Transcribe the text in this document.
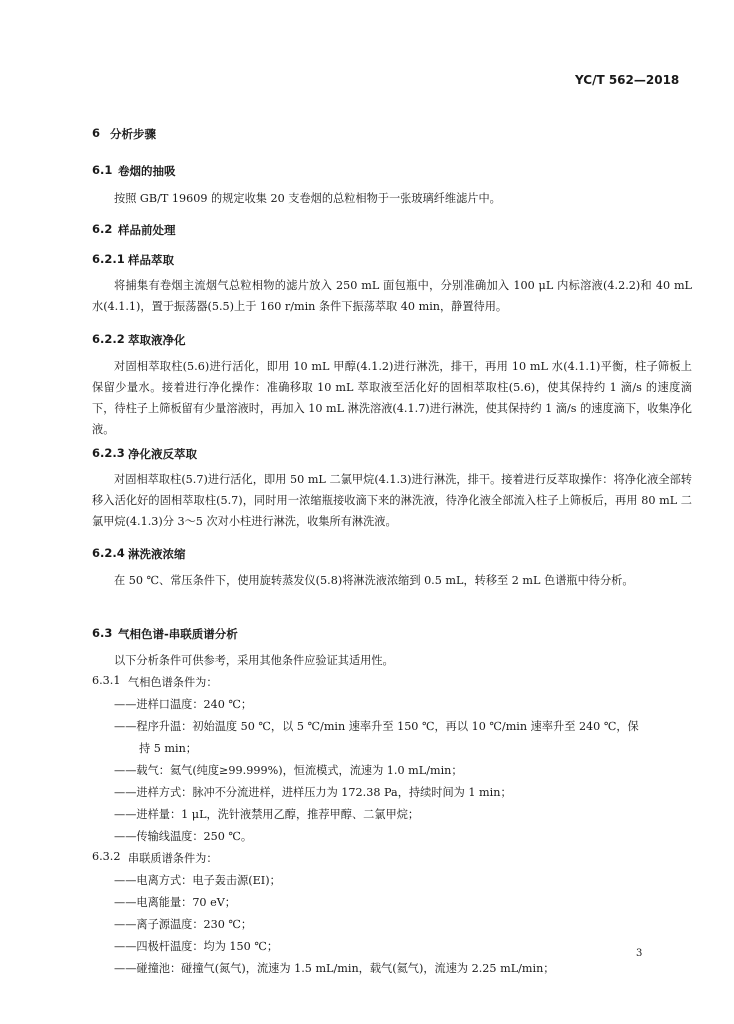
YC/T 562—2018
6 分析步骤
6.1 卷烟的抽吸
按照 GB/T 19609 的规定收集 20 支卷烟的总粒相物于一张玻璃纤维滤片中。
6.2 样品前处理
6.2.1 样品萃取
将捕集有卷烟主流烟气总粒相物的滤片放入 250 mL 面包瓶中，分别准确加入 100 μL 内标溶液(4.2.2)和 40 mL 水(4.1.1)，置于振荡器(5.5)上于 160 r/min 条件下振荡萃取 40 min，静置待用。
6.2.2 萃取液净化
对固相萃取柱(5.6)进行活化，即用 10 mL 甲醇(4.1.2)进行淋洗，排干，再用 10 mL 水(4.1.1)平衡，柱子筛板上保留少量水。接着进行净化操作：准确移取 10 mL 萃取液至活化好的固相萃取柱(5.6)，使其保持约 1 滴/s 的速度滴下，待柱子上筛板留有少量溶液时，再加入 10 mL 淋洗溶液(4.1.7)进行淋洗，使其保持约 1 滴/s 的速度滴下，收集净化液。
6.2.3 净化液反萃取
对固相萃取柱(5.7)进行活化，即用 50 mL 二氯甲烷(4.1.3)进行淋洗，排干。接着进行反萃取操作：将净化液全部转移入活化好的固相萃取柱(5.7)，同时用一浓缩瓶接收滴下来的淋洗液，待净化液全部流入柱子上筛板后，再用 80 mL 二氯甲烷(4.1.3)分 3～5 次对小柱进行淋洗，收集所有淋洗液。
6.2.4 淋洗液浓缩
在 50 ℃、常压条件下，使用旋转蒸发仪(5.8)将淋洗液浓缩到 0.5 mL，转移至 2 mL 色谱瓶中待分析。
6.3 气相色谱-串联质谱分析
以下分析条件可供参考，采用其他条件应验证其适用性。
6.3.1 气相色谱条件为：
——进样口温度：240 ℃；
——程序升温：初始温度 50 ℃，以 5 ℃/min 速率升至 150 ℃，再以 10 ℃/min 速率升至 240 ℃，保
持 5 min；
——载气：氦气(纯度≥99.999%)，恒流模式，流速为 1.0 mL/min；
——进样方式：脉冲不分流进样，进样压力为 172.38 Pa，持续时间为 1 min；
——进样量：1 μL，洗针液禁用乙醇，推荐甲醇、二氯甲烷；
——传输线温度：250 ℃。
6.3.2 串联质谱条件为：
——电离方式：电子轰击源(EI)；
——电离能量：70 eV；
——离子源温度：230 ℃；
——四极杆温度：均为 150 ℃；
——碰撞池：碰撞气(氮气)，流速为 1.5 mL/min，载气(氦气)，流速为 2.25 mL/min；
3
